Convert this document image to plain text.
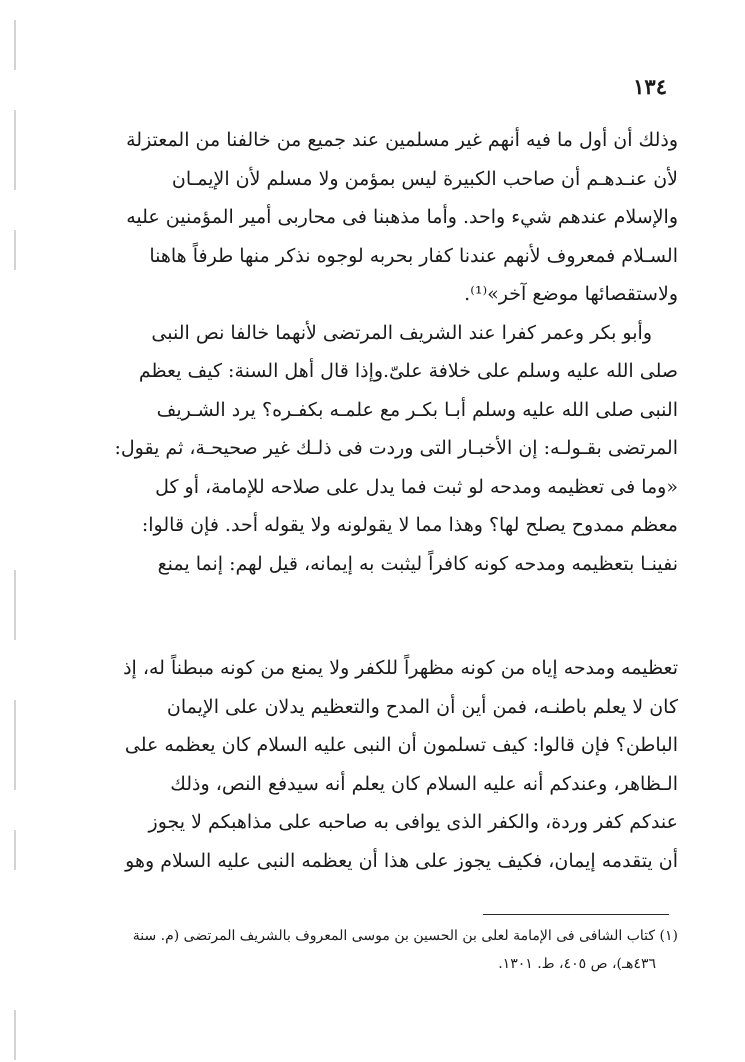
١٣٤
وذلك أن أول ما فيه أنهم غير مسلمين عند جميع من خالفنا من المعتزلة
لأن عنـدهـم أن صاحب الكبيرة ليس بمؤمن ولا مسلم لأن الإيمـان
والإسلام عندهم شيء واحد. وأما مذهبنا فى محاربى أمير المؤمنين عليه
السـلام فمعروف لأنهم عندنا كفار بحربه لوجوه نذكر منها طرفاً هاهنا
ولاستقصائها موضع آخر»⁽¹⁾.
وأبو بكر وعمر كفرا عند الشريف المرتضى لأنهما خالفا نص النبى
صلى الله عليه وسلم على خلافة علىّ.وإذا قال أهل السنة: كيف يعظم
النبى صلى الله عليه وسلم أبـا بكـر مع علمـه بكفـره؟ يرد الشـريف
المرتضى بقـولـه: إن الأخبـار التى وردت فى ذلـك غير صحيحـة، ثم يقول:
«وما فى تعظيمه ومدحه لو ثبت فما يدل على صلاحه للإمامة، أو كل
معظم ممدوح يصلح لها؟ وهذا مما لا يقولونه ولا يقوله أحد. فإن قالوا:
نفينـا بتعظيمه ومدحه كونه كافراً ليثبت به إيمانه، قيل لهم: إنما يمنع
تعظيمه ومدحه إياه من كونه مظهراً للكفر ولا يمنع من كونه مبطناً له، إذ
كان لا يعلم باطنـه، فمن أين أن المدح والتعظيم يدلان على الإيمان
الباطن؟ فإن قالوا: كيف تسلمون أن النبى عليه السلام كان يعظمه على
الـظاهر، وعندكم أنه عليه السلام كان يعلم أنه سيدفع النص، وذلك
عندكم كفر وردة، والكفر الذى يوافى به صاحبه على مذاهبكم لا يجوز
أن يتقدمه إيمان، فكيف يجوز على هذا أن يعظمه النبى عليه السلام وهو
(١) كتاب الشافى فى الإمامة لعلى بن الحسين بن موسى المعروف بالشريف المرتضى (م. سنة
٤٣٦هـ)، ص ٤٠٥، ط. ١٣٠١.
